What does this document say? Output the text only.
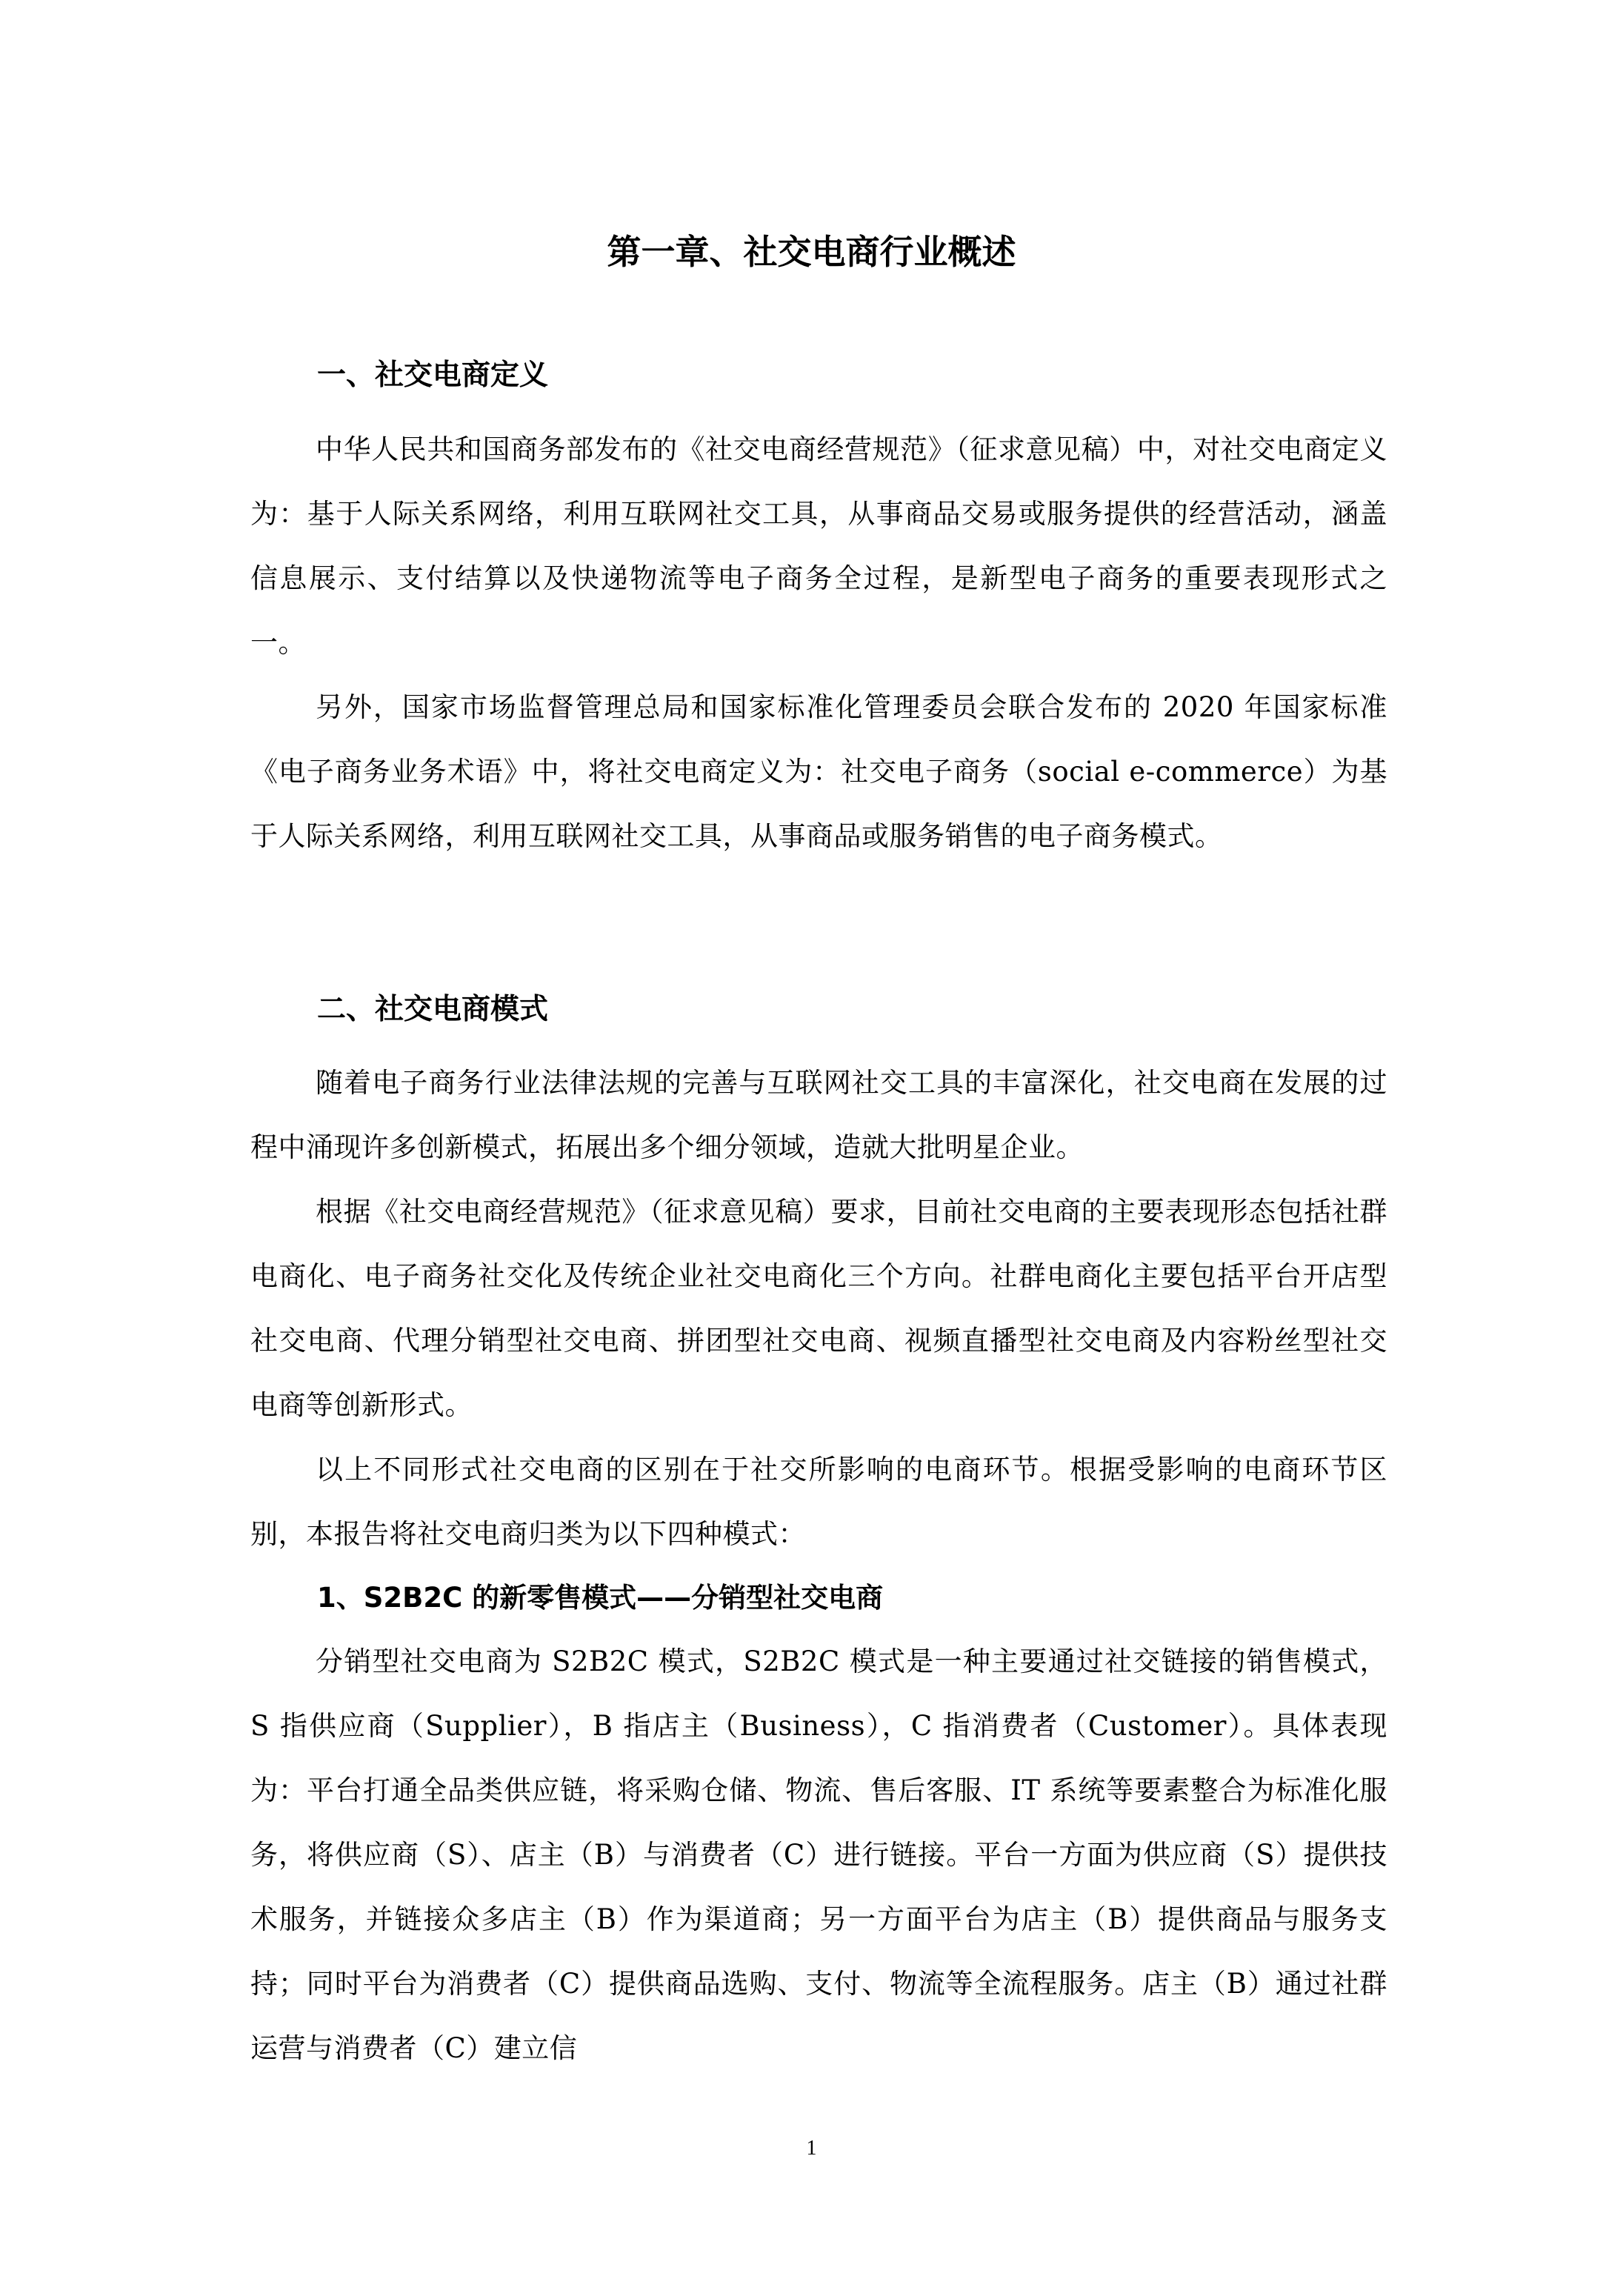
第一章、社交电商行业概述
一、社交电商定义

中华人民共和国商务部发布的《社交电商经营规范》（征求意见稿）中，对社交电商定义为：基于人际关系网络，利用互联网社交工具，从事商品交易或服务提供的经营活动，涵盖信息展示、支付结算以及快递物流等电子商务全过程，是新型电子商务的重要表现形式之一。

另外，国家市场监督管理总局和国家标准化管理委员会联合发布的 2020 年国家标准《电子商务业务术语》中，将社交电商定义为：社交电子商务（social e-commerce）为基于人际关系网络，利用互联网社交工具，从事商品或服务销售的电子商务模式。

二、社交电商模式

随着电子商务行业法律法规的完善与互联网社交工具的丰富深化，社交电商在发展的过程中涌现许多创新模式，拓展出多个细分领域，造就大批明星企业。

根据《社交电商经营规范》（征求意见稿）要求，目前社交电商的主要表现形态包括社群电商化、电子商务社交化及传统企业社交电商化三个方向。社群电商化主要包括平台开店型社交电商、代理分销型社交电商、拼团型社交电商、视频直播型社交电商及内容粉丝型社交电商等创新形式。

以上不同形式社交电商的区别在于社交所影响的电商环节。根据受影响的电商环节区别，本报告将社交电商归类为以下四种模式：

1、S2B2C 的新零售模式——分销型社交电商

分销型社交电商为 S2B2C 模式，S2B2C 模式是一种主要通过社交链接的销售模式，S 指供应商（Supplier），B 指店主（Business），C 指消费者（Customer）。具体表现为：平台打通全品类供应链，将采购仓储、物流、售后客服、IT 系统等要素整合为标准化服务，将供应商（S）、店主（B）与消费者（C）进行链接。平台一方面为供应商（S）提供技术服务，并链接众多店主（B）作为渠道商；另一方面平台为店主（B）提供商品与服务支持；同时平台为消费者（C）提供商品选购、支付、物流等全流程服务。店主（B）通过社群运营与消费者（C）建立信

1
